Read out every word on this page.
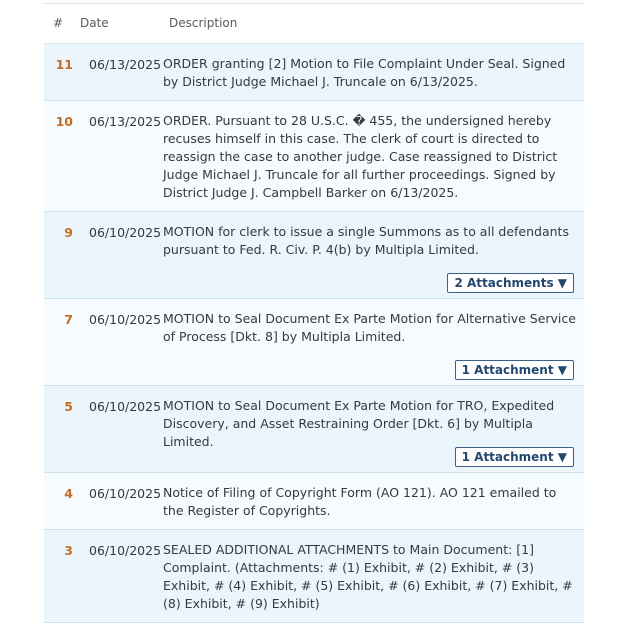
# Date	Description
11 06/13/2025 ORDER granting [2] Motion to File Complaint Under Seal. Signed by District Judge Michael J. Truncale on 6/13/2025.
10 06/13/2025 ORDER. Pursuant to 28 U.S.C. � 455, the undersigned hereby recuses himself in this case. The clerk of court is directed to reassign the case to another judge. Case reassigned to District Judge Michael J. Truncale for all further proceedings. Signed by District Judge J. Campbell Barker on 6/13/2025.
9 06/10/2025 MOTION for clerk to issue a single Summons as to all defendants pursuant to Fed. R. Civ. P. 4(b) by Multipla Limited.
2 Attachments ▼
7 06/10/2025 MOTION to Seal Document Ex Parte Motion for Alternative Service of Process [Dkt. 8] by Multipla Limited.
1 Attachment ▼
5 06/10/2025 MOTION to Seal Document Ex Parte Motion for TRO, Expedited Discovery, and Asset Restraining Order [Dkt. 6] by Multipla Limited.
1 Attachment ▼
4 06/10/2025 Notice of Filing of Copyright Form (AO 121). AO 121 emailed to the Register of Copyrights.
3 06/10/2025 SEALED ADDITIONAL ATTACHMENTS to Main Document: [1] Complaint. (Attachments: # (1) Exhibit, # (2) Exhibit, # (3) Exhibit, # (4) Exhibit, # (5) Exhibit, # (6) Exhibit, # (7) Exhibit, # (8) Exhibit, # (9) Exhibit)
